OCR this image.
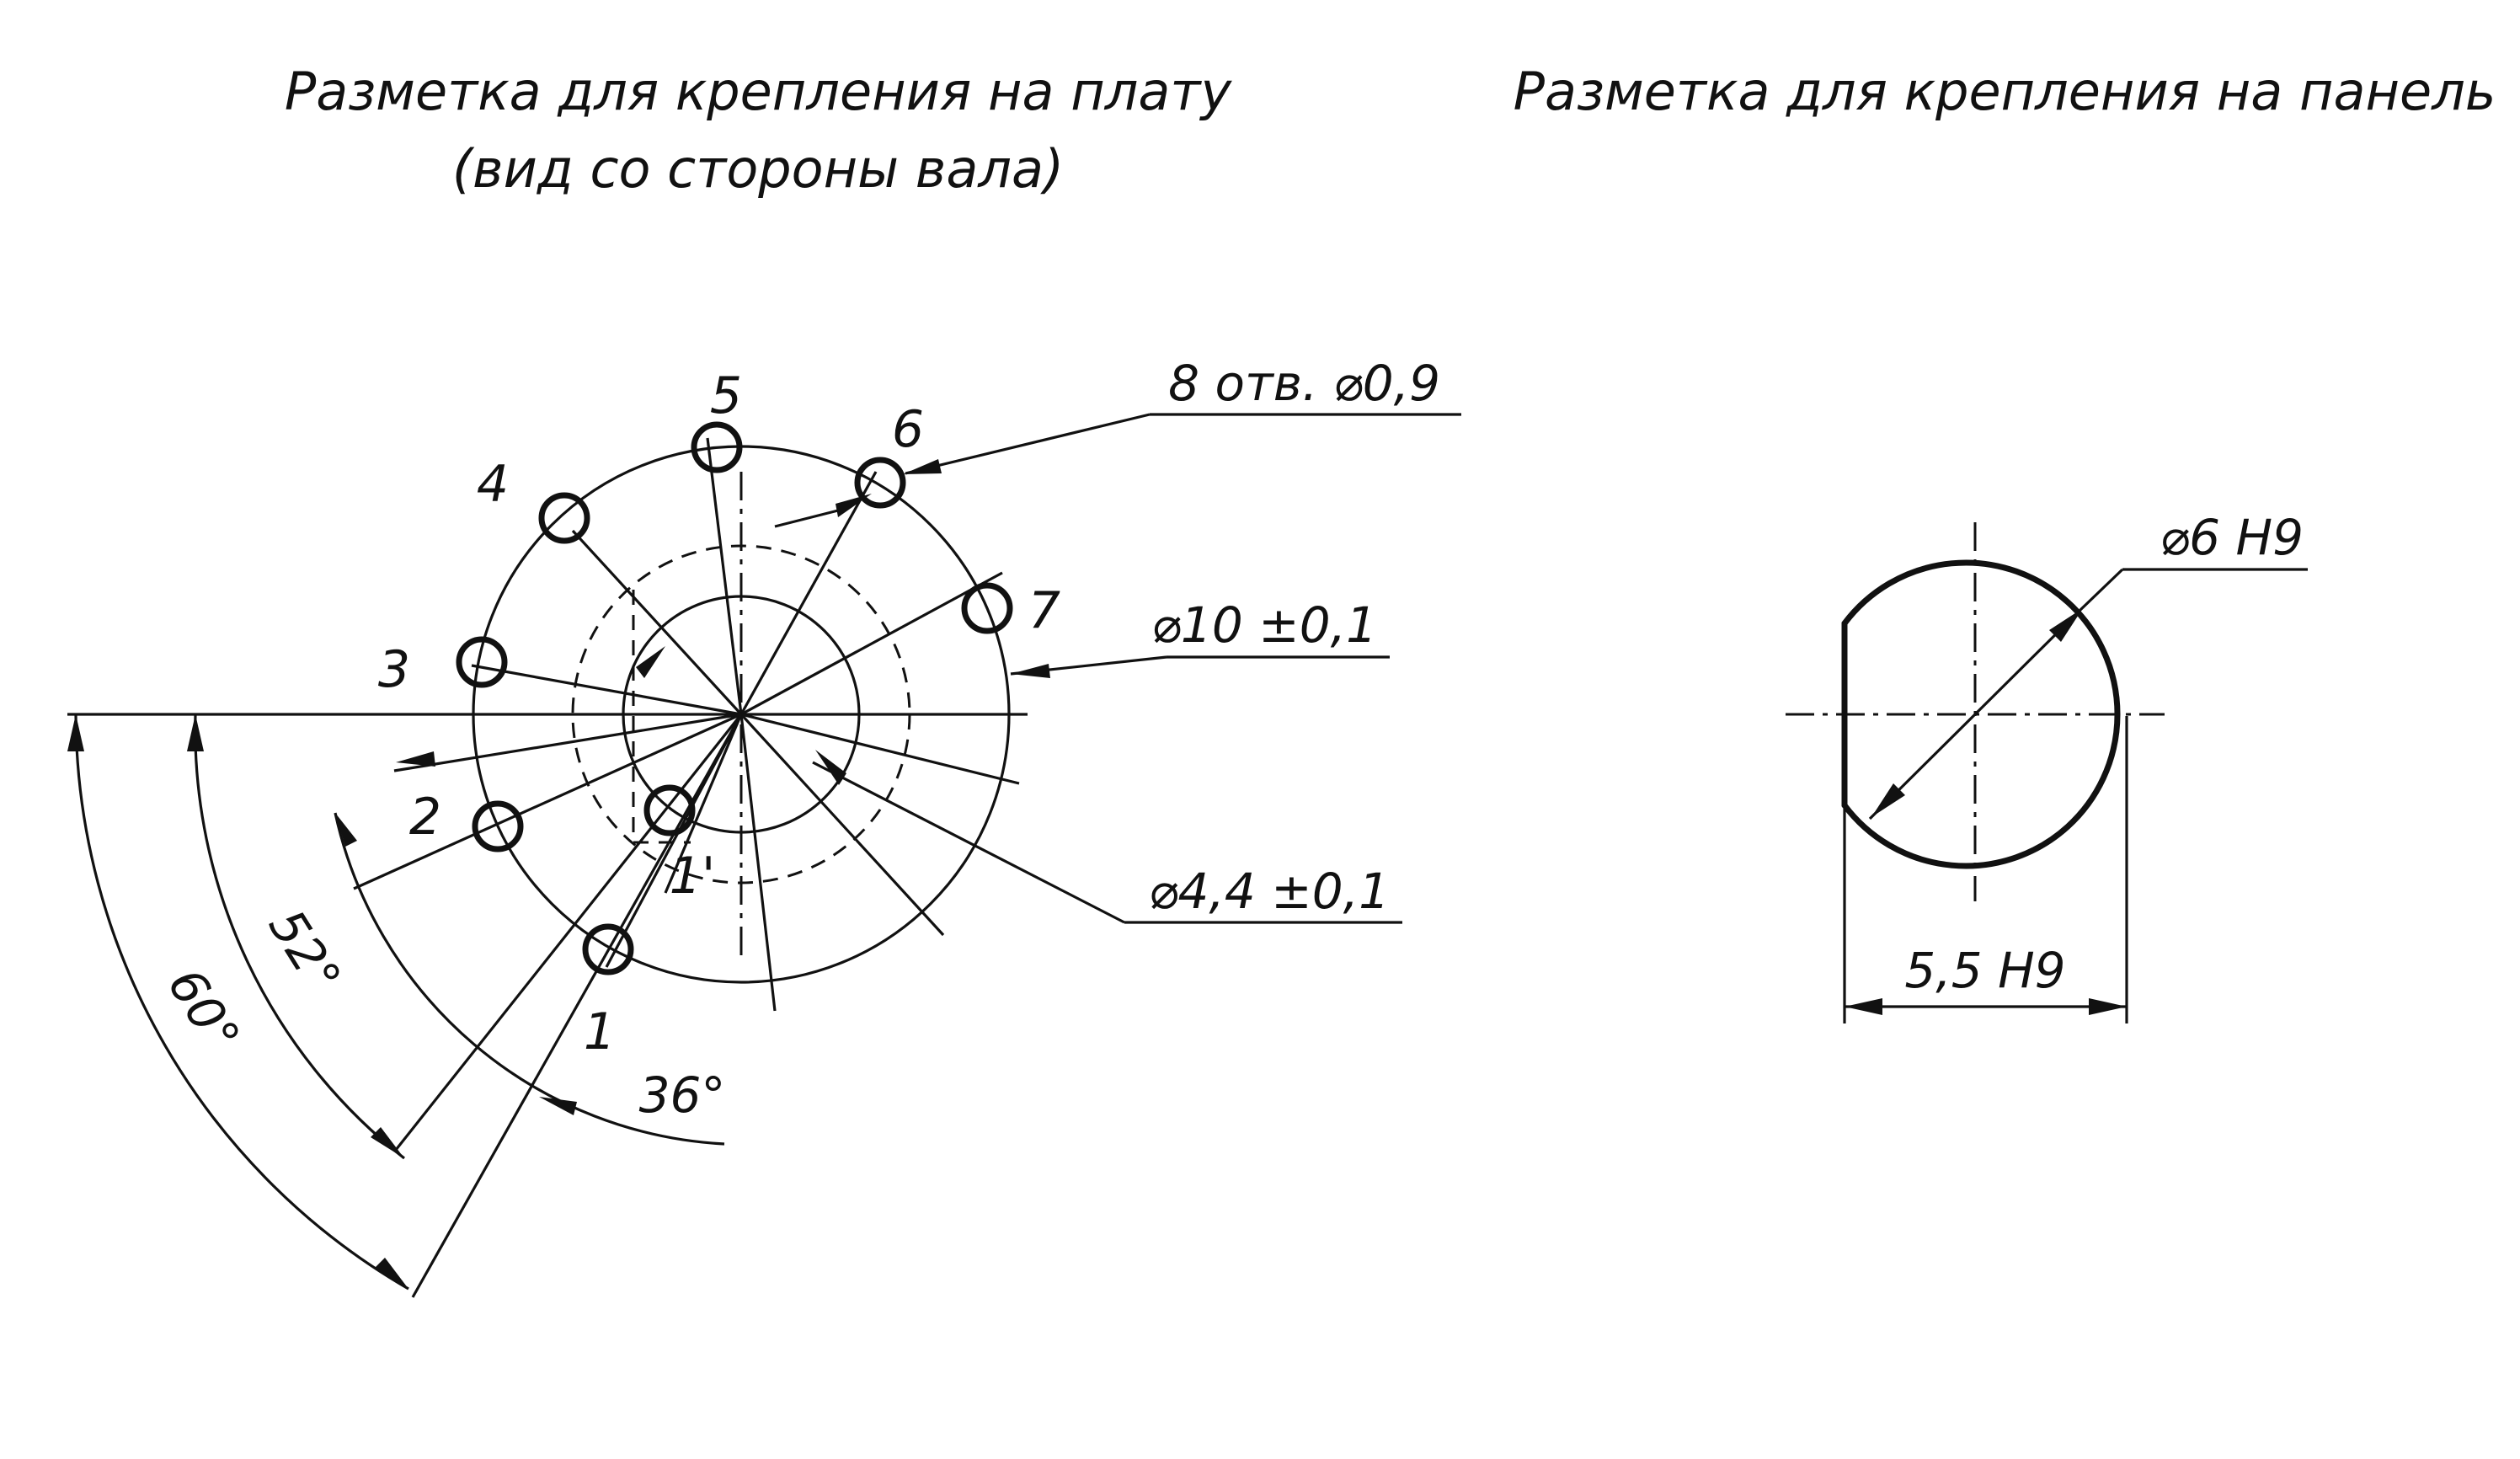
Разметка для крепления на плату
(вид со стороны вала)
Разметка для крепления на панель
1
1'
2
3
4
5
6
7
8 отв. ⌀0,9
⌀10 ±0,1
⌀4,4 ±0,1
36°
52°
60°
⌀6 H9
5,5 H9
